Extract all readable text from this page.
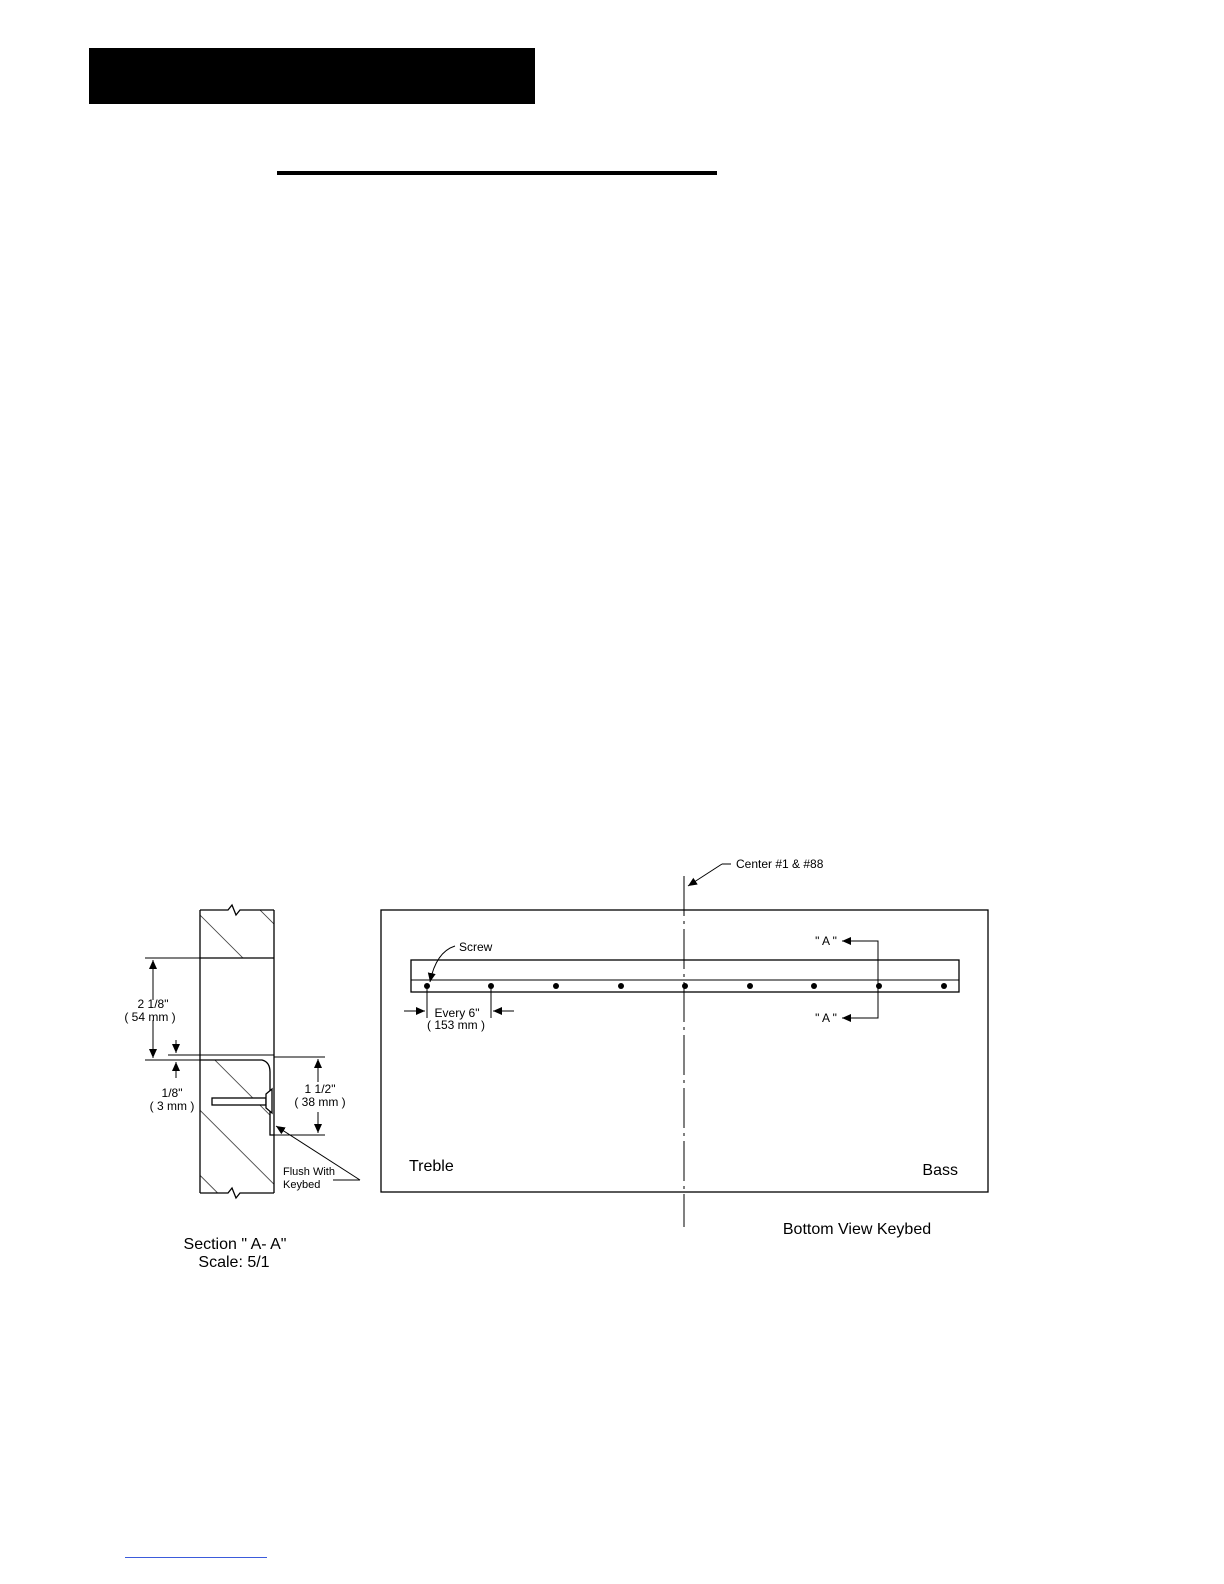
2 1/8"
( 54 mm )
1/8"
( 3 mm )
1 1/2"
( 38 mm )
Flush With
Keybed
Section " A- A"
Scale: 5/1
Center #1 & #88
Screw
Every 6"
( 153 mm )
" A "
" A "
Treble	Bass
Bottom View Keybed
